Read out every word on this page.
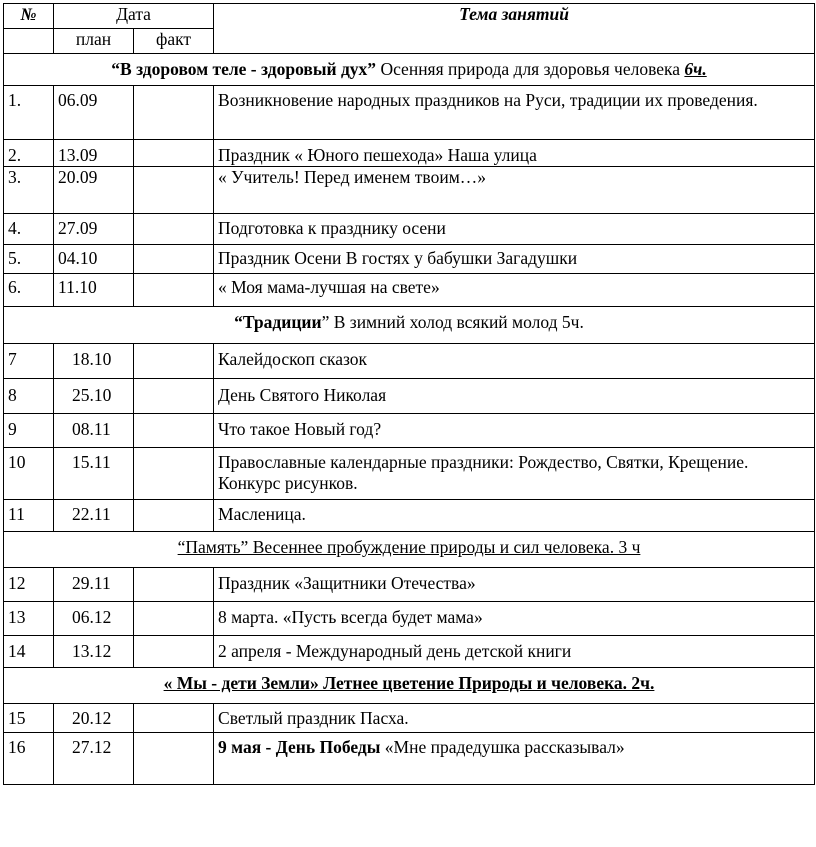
№	Дата		Тема занятий
	план	факт	
“В здоровом теле - здоровый дух” Осенняя природа для здоровья человека 6ч.			
1.	06.09		Возникновение народных праздников на Руси, традиции их проведения.
2.	13.09		Праздник « Юного пешехода» Наша улица
3.	20.09		« Учитель! Перед именем твоим…»
4.	27.09		Подготовка к празднику осени
5.	04.10		Праздник Осени В гостях у бабушки Загадушки
6.	11.10		« Моя мама-лучшая на свете»
“Традиции” В зимний холод всякий молод 5ч.			
7	18.10		Калейдоскоп сказок
8	25.10		День Святого Николая
9	08.11		Что такое Новый год?
10	15.11		Православные календарные праздники: Рождество, Святки, Крещение. Конкурс рисунков.
11	22.11		Масленица.
“Память” Весеннее пробуждение природы и сил человека. 3 ч			
12	29.11		Праздник «Защитники Отечества»
13	06.12		8 марта. «Пусть всегда будет мама»
14	13.12		2 апреля - Международный день детской книги
« Мы - дети Земли» Летнее цветение Природы и человека. 2ч.			
15	20.12		Светлый праздник Пасха.
16	27.12		9 мая - День Победы «Мне прадедушка рассказывал»
